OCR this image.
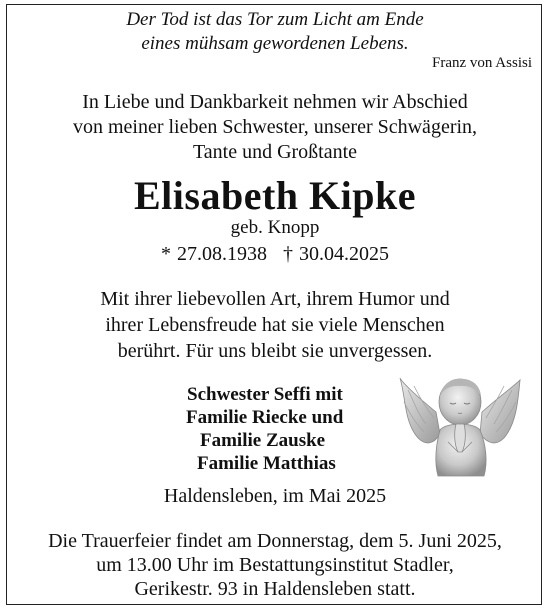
Der Tod ist das Tor zum Licht am Ende
eines mühsam gewordenen Lebens.
Franz von Assisi
In Liebe und Dankbarkeit nehmen wir Abschied
von meiner lieben Schwester, unserer Schwägerin,
Tante und Großtante
Elisabeth Kipke
geb. Knopp
* 27.08.1938 † 30.04.2025
Mit ihrer liebevollen Art, ihrem Humor und
ihrer Lebensfreude hat sie viele Menschen
berührt. Für uns bleibt sie unvergessen.
Schwester Seffi mit
Familie Riecke und
Familie Zauske
Familie Matthias
Haldensleben, im Mai 2025
Die Trauerfeier findet am Donnerstag, dem 5. Juni 2025,
um 13.00 Uhr im Bestattungsinstitut Stadler,
Gerikestr. 93 in Haldensleben statt.
